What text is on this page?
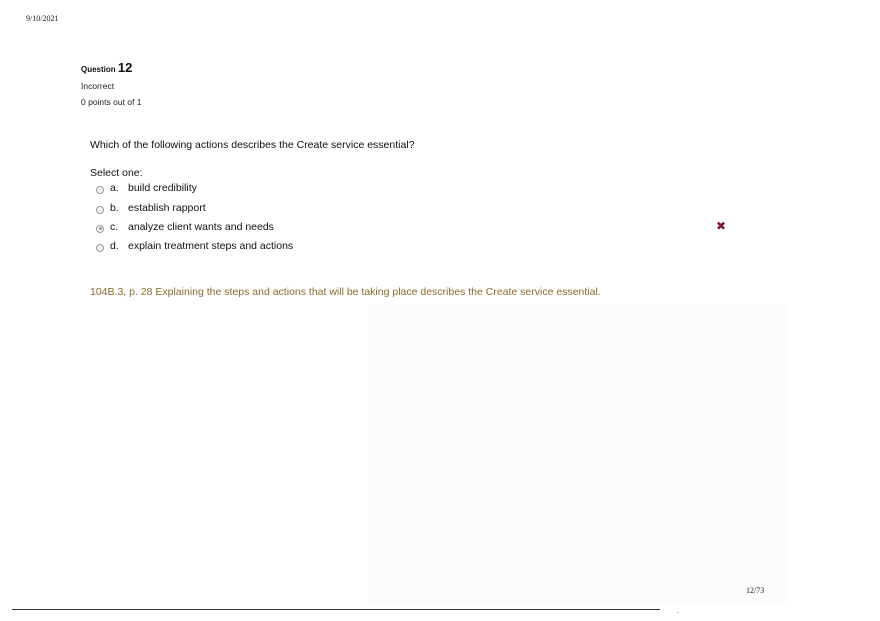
9/10/2021
Question 12
Incorrect
0 points out of 1
Which of the following actions describes the Create service essential?
Select one:
a. build credibility
b. establish rapport
c. analyze client wants and needs
d. explain treatment steps and actions
✖
104B.3, p. 28 Explaining the steps and actions that will be taking place describes the Create service essential.
12/73
.
